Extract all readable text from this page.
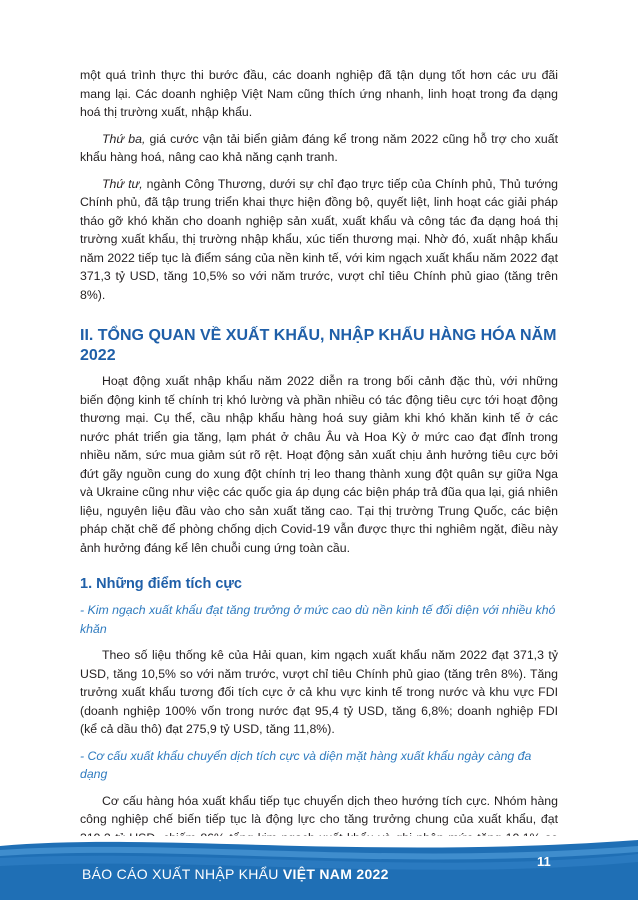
một quá trình thực thi bước đầu, các doanh nghiệp đã tận dụng tốt hơn các ưu đãi mang lại. Các doanh nghiệp Việt Nam cũng thích ứng nhanh, linh hoạt trong đa dạng hoá thị trường xuất, nhập khẩu.

Thứ ba, giá cước vận tải biển giảm đáng kể trong năm 2022 cũng hỗ trợ cho xuất khẩu hàng hoá, nâng cao khả năng cạnh tranh.

Thứ tư, ngành Công Thương, dưới sự chỉ đạo trực tiếp của Chính phủ, Thủ tướng Chính phủ, đã tập trung triển khai thực hiện đồng bộ, quyết liệt, linh hoạt các giải pháp tháo gỡ khó khăn cho doanh nghiệp sản xuất, xuất khẩu và công tác đa dạng hoá thị trường xuất khẩu, thị trường nhập khẩu, xúc tiến thương mại. Nhờ đó, xuất nhập khẩu năm 2022 tiếp tục là điểm sáng của nền kinh tế, với kim ngạch xuất khẩu năm 2022 đạt 371,3 tỷ USD, tăng 10,5% so với năm trước, vượt chỉ tiêu Chính phủ giao (tăng trên 8%).

II. TỔNG QUAN VỀ XUẤT KHẨU, NHẬP KHẨU HÀNG HÓA NĂM 2022

Hoạt động xuất nhập khẩu năm 2022 diễn ra trong bối cảnh đặc thù, với những biến động kinh tế chính trị khó lường và phần nhiều có tác động tiêu cực tới hoạt động thương mại. Cụ thể, cầu nhập khẩu hàng hoá suy giảm khi khó khăn kinh tế ở các nước phát triển gia tăng, lạm phát ở châu Âu và Hoa Kỳ ở mức cao đạt đỉnh trong nhiều năm, sức mua giảm sút rõ rệt. Hoạt động sản xuất chịu ảnh hưởng tiêu cực bởi đứt gãy nguồn cung do xung đột chính trị leo thang thành xung đột quân sự giữa Nga và Ukraine cũng như việc các quốc gia áp dụng các biện pháp trả đũa qua lại, giá nhiên liệu, nguyên liệu đầu vào cho sản xuất tăng cao. Tại thị trường Trung Quốc, các biện pháp chặt chẽ để phòng chống dịch Covid-19 vẫn được thực thi nghiêm ngặt, điều này ảnh hưởng đáng kể lên chuỗi cung ứng toàn cầu.

1. Những điểm tích cực

- Kim ngạch xuất khẩu đạt tăng trưởng ở mức cao dù nền kinh tế đối diện với nhiều khó khăn

Theo số liệu thống kê của Hải quan, kim ngạch xuất khẩu năm 2022 đạt 371,3 tỷ USD, tăng 10,5% so với năm trước, vượt chỉ tiêu Chính phủ giao (tăng trên 8%). Tăng trưởng xuất khẩu tương đối tích cực ở cả khu vực kinh tế trong nước và khu vực FDI (doanh nghiệp 100% vốn trong nước đạt 95,4 tỷ USD, tăng 6,8%; doanh nghiệp FDI (kể cả dầu thô) đạt 275,9 tỷ USD, tăng 11,8%).

- Cơ cấu xuất khẩu chuyển dịch tích cực và diện mặt hàng xuất khẩu ngày càng đa dạng

Cơ cấu hàng hóa xuất khẩu tiếp tục chuyển dịch theo hướng tích cực. Nhóm hàng công nghiệp chế biến tiếp tục là động lực cho tăng trưởng chung của xuất khẩu, đạt

BÁO CÁO XUẤT NHẬP KHẨU VIỆT NAM 2022
11
